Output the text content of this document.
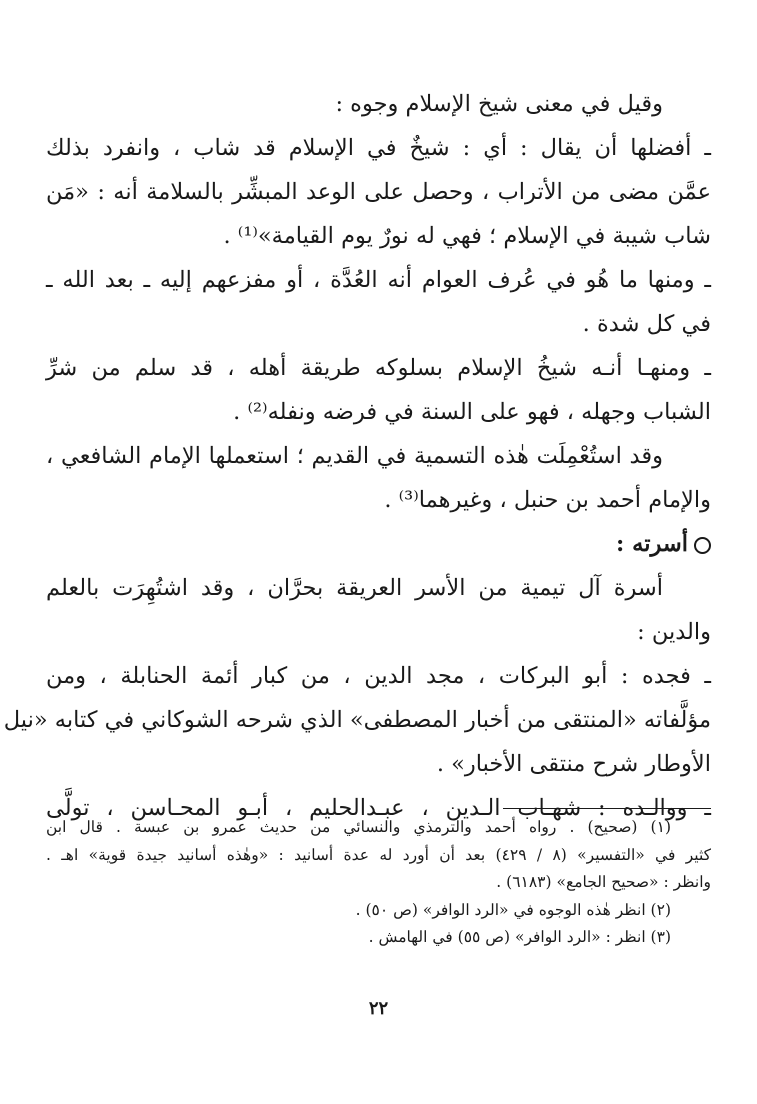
وقيل في معنى شيخ الإسلام وجوه :
ـ أفضلها أن يقال : أي : شيخٌ في الإسلام قد شاب ، وانفرد بذلك
عمَّن مضى من الأتراب ، وحصل على الوعد المبشِّر بالسلامة أنه : «مَن
شاب شيبة في الإسلام ؛ فهي له نورٌ يوم القيامة»⁽¹⁾ .
ـ ومنها ما هُو في عُرف العوام أنه العُدَّة ، أو مفزعهم إليه ـ بعد الله ـ
في كل شدة .
ـ ومنهـا أنـه شيخُ الإسلام بسلوكه طريقة أهله ، قد سلم من شرِّ
الشباب وجهله ، فهو على السنة في فرضه ونفله⁽²⁾ .
وقد استُعْمِلَت هٰذه التسمية في القديم ؛ استعملها الإمام الشافعي ،
والإمام أحمد بن حنبل ، وغيرهما⁽³⁾ .
أسرته :
أسرة آل تيمية من الأسر العريقة بحرَّان ، وقد اشتُهِرَت بالعلم
والدين :
ـ فجده : أبو البركات ، مجد الدين ، من كبار أئمة الحنابلة ، ومن
مؤلَّفاته «المنتقى من أخبار المصطفى» الذي شرحه الشوكاني في كتابه «نيل
الأوطار شرح منتقى الأخبار» .
ـ ووالـده : شهـاب الـدين ، عبـدالحليم ، أبـو المحـاسن ، تولَّى
(١) (صحيح) . رواه أحمد والترمذي والنسائي من حديث عمرو بن عبسة . قال ابن
كثير في «التفسير» (٨ / ٤٢٩) بعد أن أورد له عدة أسانيد : «وهٰذه أسانيد جيدة قوية» اهـ .
وانظر : «صحيح الجامع» (٦١٨٣) .
(٢) انظر هٰذه الوجوه في «الرد الوافر» (ص ٥٠) .
(٣) انظر : «الرد الوافر» (ص ٥٥) في الهامش .
٢٢
